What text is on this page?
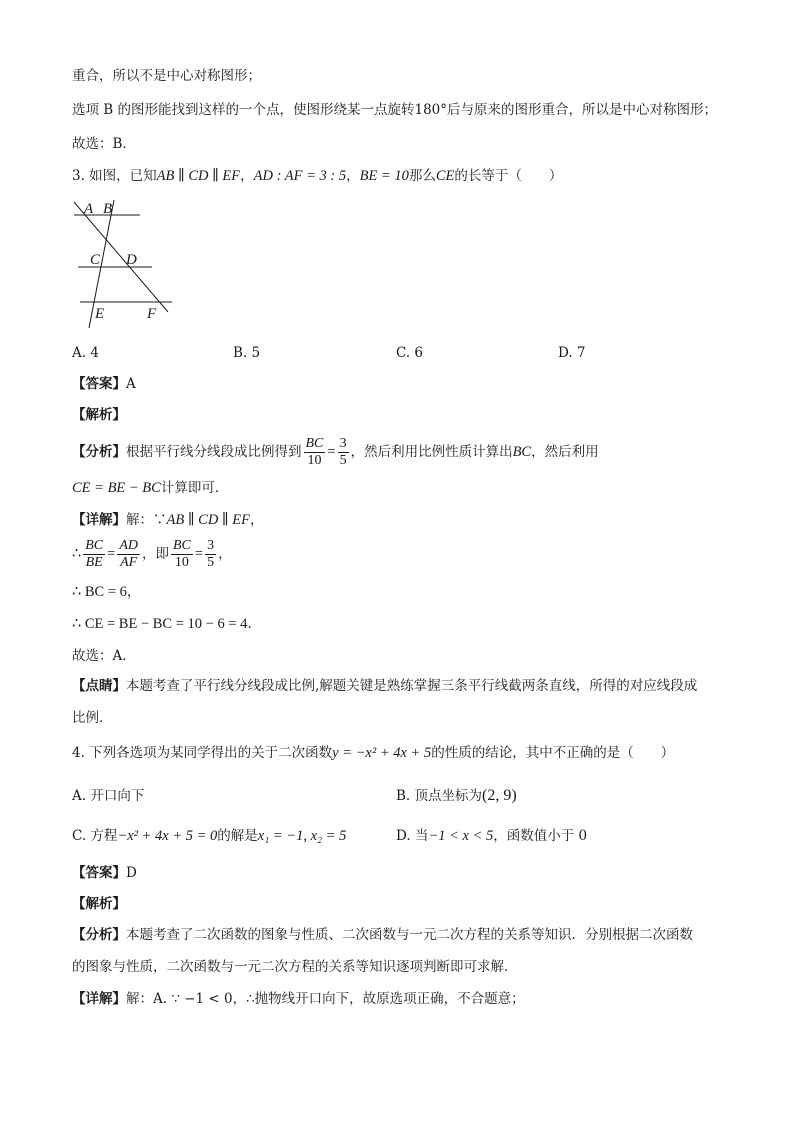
重合，所以不是中心对称图形；
选项 B 的图形能找到这样的一个点，使图形绕某一点旋转180°后与原来的图形重合，所以是中心对称图形；
故选：B．
3. 如图，已知AB ∥ CD ∥ EF，AD : AF = 3 : 5，BE = 10那么CE的长等于（　　）
A B
C D
E	F
A. 4	B. 5	C. 6	D. 7
【答案】A
【解析】
【分析】根据平行线分线段成比例得到 $\frac{BC}{10} = \frac{3}{5}$ ，然后利用比例性质计算出BC，然后利用
CE = BE − BC计算即可．
【详解】解：∵AB ∥ CD ∥ EF，
∴ $\frac{BC}{BE} = \frac{AD}{AF}$ ，即 $\frac{BC}{10} = \frac{3}{5}$ ，
∴ BC = 6，
∴ CE = BE − BC = 10 − 6 = 4．
故选：A．
【点睛】本题考查了平行线分线段成比例,解题关键是熟练掌握三条平行线截两条直线，所得的对应线段成
比例．
4. 下列各选项为某同学得出的关于二次函数y = −x² + 4x + 5的性质的结论，其中不正确的是（　　）
A. 开口向下	B. 顶点坐标为(2, 9)
C. 方程−x² + 4x + 5 = 0的解是x₁ = −1, x₂ = 5	D. 当−1 < x < 5，函数值小于 0
【答案】D
【解析】
【分析】本题考查了二次函数的图象与性质、二次函数与一元二次方程的关系等知识．分别根据二次函数
的图象与性质，二次函数与一元二次方程的关系等知识逐项判断即可求解．
【详解】解：A. ∵ −1 < 0，∴抛物线开口向下，故原选项正确，不合题意；
